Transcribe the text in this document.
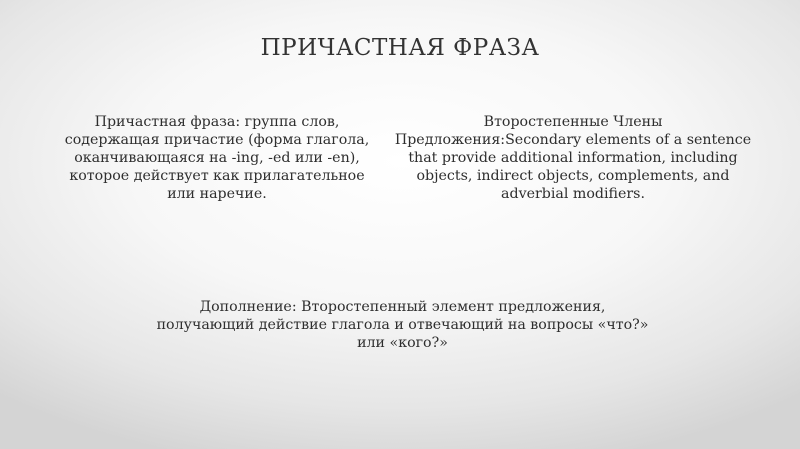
ПРИЧАСТНАЯ ФРАЗА

Причастная фраза: группа слов,
содержащая причастие (форма глагола,
оканчивающаяся на -ing, -ed или -en),
которое действует как прилагательное
или наречие.

Второстепенные Члены
Предложения:Secondary elements of a sentence
that provide additional information, including
objects, indirect objects, complements, and
adverbial modifiers.

Дополнение: Второстепенный элемент предложения,
получающий действие глагола и отвечающий на вопросы «что?»
или «кого?»
